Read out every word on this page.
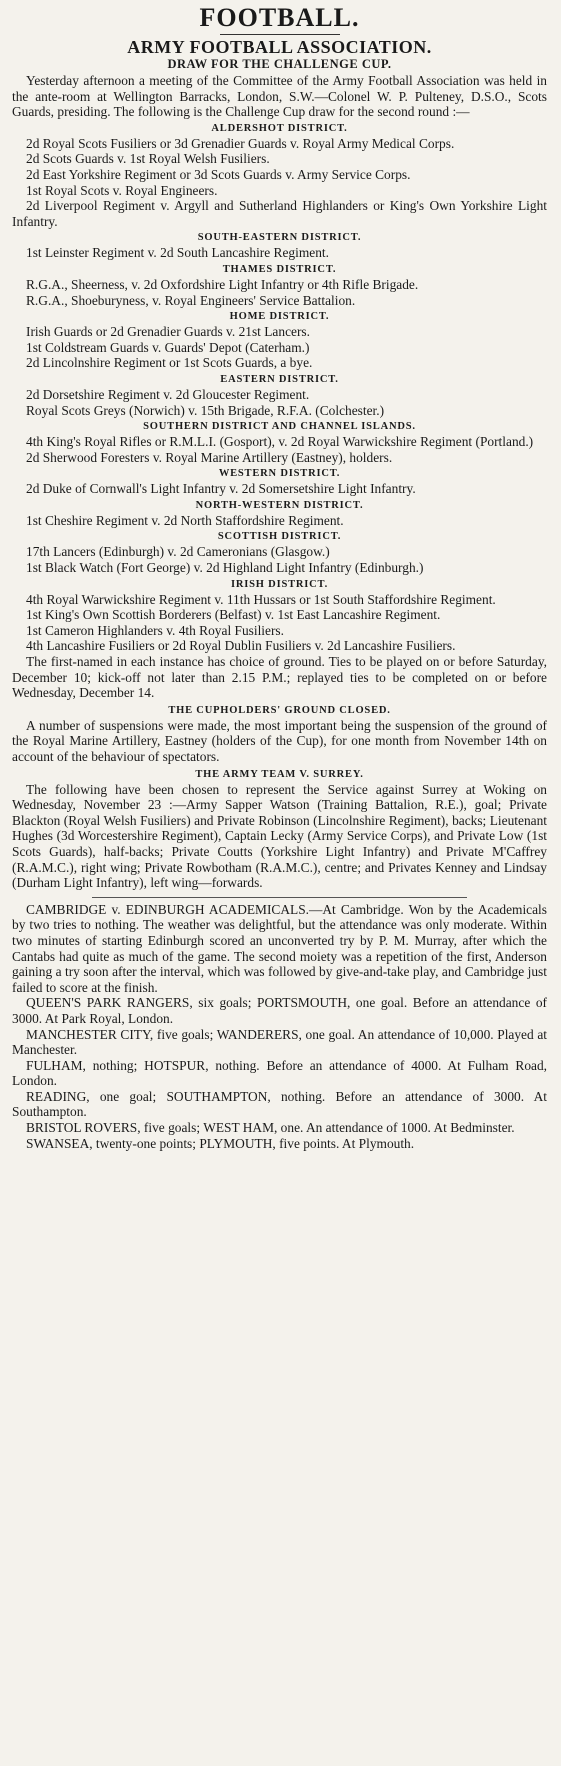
FOOTBALL.
ARMY FOOTBALL ASSOCIATION.
DRAW FOR THE CHALLENGE CUP.

Yesterday afternoon a meeting of the Committee of the Army Football Association was held in the ante-room at Wellington Barracks, London, S.W.—Colonel W. P. Pulteney, D.S.O., Scots Guards, presiding. The following is the Challenge Cup draw for the second round :—

ALDERSHOT DISTRICT.

2d Royal Scots Fusiliers or 3d Grenadier Guards v. Royal Army Medical Corps.

2d Scots Guards v. 1st Royal Welsh Fusiliers.

2d East Yorkshire Regiment or 3d Scots Guards v. Army Service Corps.

1st Royal Scots v. Royal Engineers.

2d Liverpool Regiment v. Argyll and Sutherland Highlanders or King's Own Yorkshire Light Infantry.

SOUTH-EASTERN DISTRICT.

1st Leinster Regiment v. 2d South Lancashire Regiment.

THAMES DISTRICT.

R.G.A., Sheerness, v. 2d Oxfordshire Light Infantry or 4th Rifle Brigade.

R.G.A., Shoeburyness, v. Royal Engineers' Service Battalion.

HOME DISTRICT.

Irish Guards or 2d Grenadier Guards v. 21st Lancers.

1st Coldstream Guards v. Guards' Depot (Caterham.)

2d Lincolnshire Regiment or 1st Scots Guards, a bye.

EASTERN DISTRICT.

2d Dorsetshire Regiment v. 2d Gloucester Regiment.

Royal Scots Greys (Norwich) v. 15th Brigade, R.F.A. (Colchester.)

SOUTHERN DISTRICT AND CHANNEL ISLANDS.

4th King's Royal Rifles or R.M.L.I. (Gosport), v. 2d Royal Warwickshire Regiment (Portland.)

2d Sherwood Foresters v. Royal Marine Artillery (Eastney), holders.

WESTERN DISTRICT.

2d Duke of Cornwall's Light Infantry v. 2d Somersetshire Light Infantry.

NORTH-WESTERN DISTRICT.

1st Cheshire Regiment v. 2d North Staffordshire Regiment.

SCOTTISH DISTRICT.

17th Lancers (Edinburgh) v. 2d Cameronians (Glasgow.)

1st Black Watch (Fort George) v. 2d Highland Light Infantry (Edinburgh.)

IRISH DISTRICT.

4th Royal Warwickshire Regiment v. 11th Hussars or 1st South Staffordshire Regiment.

1st King's Own Scottish Borderers (Belfast) v. 1st East Lancashire Regiment.

1st Cameron Highlanders v. 4th Royal Fusiliers.

4th Lancashire Fusiliers or 2d Royal Dublin Fusiliers v. 2d Lancashire Fusiliers.

The first-named in each instance has choice of ground. Ties to be played on or before Saturday, December 10; kick-off not later than 2.15 P.M.; replayed ties to be completed on or before Wednesday, December 14.

THE CUPHOLDERS' GROUND CLOSED.

A number of suspensions were made, the most important being the suspension of the ground of the Royal Marine Artillery, Eastney (holders of the Cup), for one month from November 14th on account of the behaviour of spectators.

THE ARMY TEAM V. SURREY.

The following have been chosen to represent the Service against Surrey at Woking on Wednesday, November 23 :—Army Sapper Watson (Training Battalion, R.E.), goal; Private Blackton (Royal Welsh Fusiliers) and Private Robinson (Lincolnshire Regiment), backs; Lieutenant Hughes (3d Worcestershire Regiment), Captain Lecky (Army Service Corps), and Private Low (1st Scots Guards), half-backs; Private Coutts (Yorkshire Light Infantry) and Private M'Caffrey (R.A.M.C.), right wing; Private Rowbotham (R.A.M.C.), centre; and Privates Kenney and Lindsay (Durham Light Infantry), left wing—forwards.

CAMBRIDGE v. EDINBURGH ACADEMICALS.—At Cambridge. Won by the Academicals by two tries to nothing. The weather was delightful, but the attendance was only moderate. Within two minutes of starting Edinburgh scored an unconverted try by P. M. Murray, after which the Cantabs had quite as much of the game. The second moiety was a repetition of the first, Anderson gaining a try soon after the interval, which was followed by give-and-take play, and Cambridge just failed to score at the finish.

QUEEN'S PARK RANGERS, six goals; PORTSMOUTH, one goal. Before an attendance of 3000. At Park Royal, London.

MANCHESTER CITY, five goals; WANDERERS, one goal. An attendance of 10,000. Played at Manchester.

FULHAM, nothing; HOTSPUR, nothing. Before an attendance of 4000. At Fulham Road, London.

READING, one goal; SOUTHAMPTON, nothing. Before an attendance of 3000. At Southampton.

BRISTOL ROVERS, five goals; WEST HAM, one. An attendance of 1000. At Bedminster.

SWANSEA, twenty-one points; PLYMOUTH, five points. At Plymouth.
